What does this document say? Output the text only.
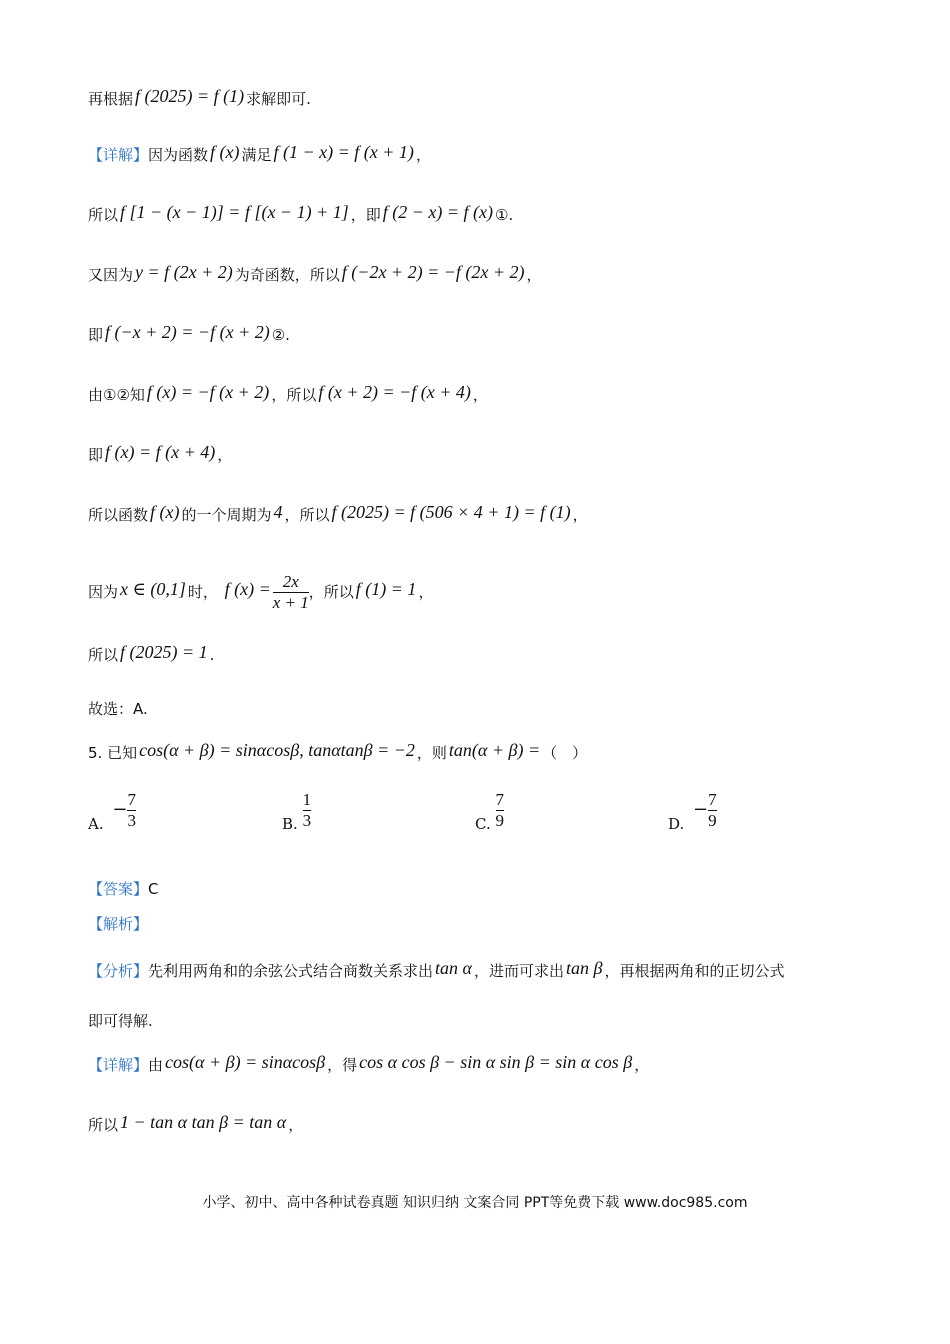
再根据 f (2025) = f (1) 求解即可.
【详解】因为函数 f (x) 满足 f (1 − x) = f (x + 1) ，
所以 f [1 − (x − 1)] = f [(x − 1) + 1] ，即 f (2 − x) = f (x) ①.
又因为 y = f (2x + 2) 为奇函数，所以 f (−2x + 2) = −f (2x + 2) ，
即 f (−x + 2) = −f (x + 2) ②.
由①②知 f (x) = −f (x + 2) ，所以 f (x + 2) = −f (x + 4) ，
即 f (x) = f (x + 4) ，
所以函数 f (x) 的一个周期为 4 ，所以 f (2025) = f (506 × 4 + 1) = f (1) ，
所以 f (2025) = 1 .
故选：A.
5. 已知 cos(α + β) = sinαcosβ, tanαtanβ = −2 ，则 tan(α + β) = （　）
【答案】C
【解析】
【分析】先利用两角和的余弦公式结合商数关系求出 tan α ，进而可求出 tan β ，再根据两角和的正切公式
即可得解.
【详解】由 cos(α + β) = sinαcosβ ，得 cos α cos β − sin α sin β = sin α cos β ，
所以 1 − tan α tan β = tan α ，
因为 x ∈ (0,1] 时， f $(x) = \frac{2x}{x + 1}$ ，所以 f (1) = 1 ，
A. − $\frac{7}{3}$	B. $\frac{1}{3}$	C. $\frac{7}{9}$	D. − $\frac{7}{9}$
小学、初中、高中各种试卷真题 知识归纳 文案合同 PPT等免费下载 www.doc985.com
